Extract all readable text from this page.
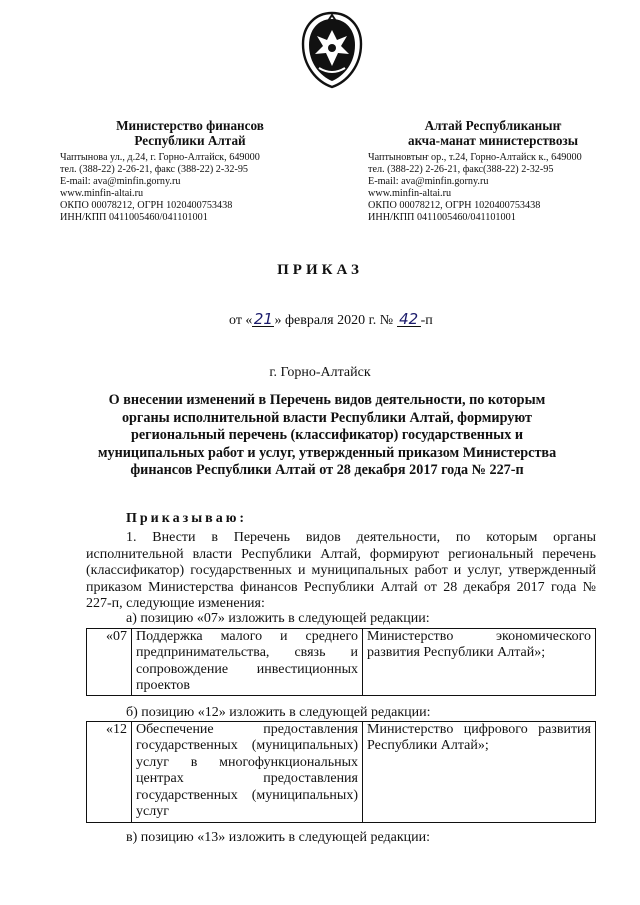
Министерство финансов
Республики Алтай
Чаптынова ул., д.24, г. Горно-Алтайск, 649000
тел. (388-22) 2-26-21, факс (388-22) 2-32-95
E-mail: ava@minfin.gorny.ru
www.minfin-altai.ru
ОКПО 00078212, ОГРН 1020400753438
ИНН/КПП 0411005460/041101001
Алтай Республиканыҥ
акча-манат министерствозы
Чаптыновтыҥ ор., т.24, Горно-Алтайск к., 649000
тел. (388-22) 2-26-21, факс(388-22) 2-32-95
E-mail: ava@minfin.gorny.ru
www.minfin-altai.ru
ОКПО 00078212, ОГРН 1020400753438
ИНН/КПП 0411005460/041101001
ПРИКАЗ
от «21» февраля 2020 г. № 42 -п
г. Горно-Алтайск
О внесении изменений в Перечень видов деятельности, по которым органы исполнительной власти Республики Алтай, формируют региональный перечень (классификатор) государственных и муниципальных работ и услуг, утвержденный приказом Министерства финансов Республики Алтай от 28 декабря 2017 года № 227-п
Приказываю:
1. Внести в Перечень видов деятельности, по которым органы исполнительной власти Республики Алтай, формируют региональный перечень (классификатор) государственных и муниципальных работ и услуг, утвержденный приказом Министерства финансов Республики Алтай от 28 декабря 2017 года № 227-п, следующие изменения:
а) позицию «07» изложить в следующей редакции:
«07	Поддержка малого и среднего предпринимательства, связь и сопровождение инвестиционных проектов	Министерство экономического развития Республики Алтай»;
б) позицию «12» изложить в следующей редакции:
«12	Обеспечение предоставления государственных (муниципальных) услуг в многофункциональных центрах предоставления государственных (муниципальных) услуг	Министерство цифрового развития Республики Алтай»;
в) позицию «13» изложить в следующей редакции:
